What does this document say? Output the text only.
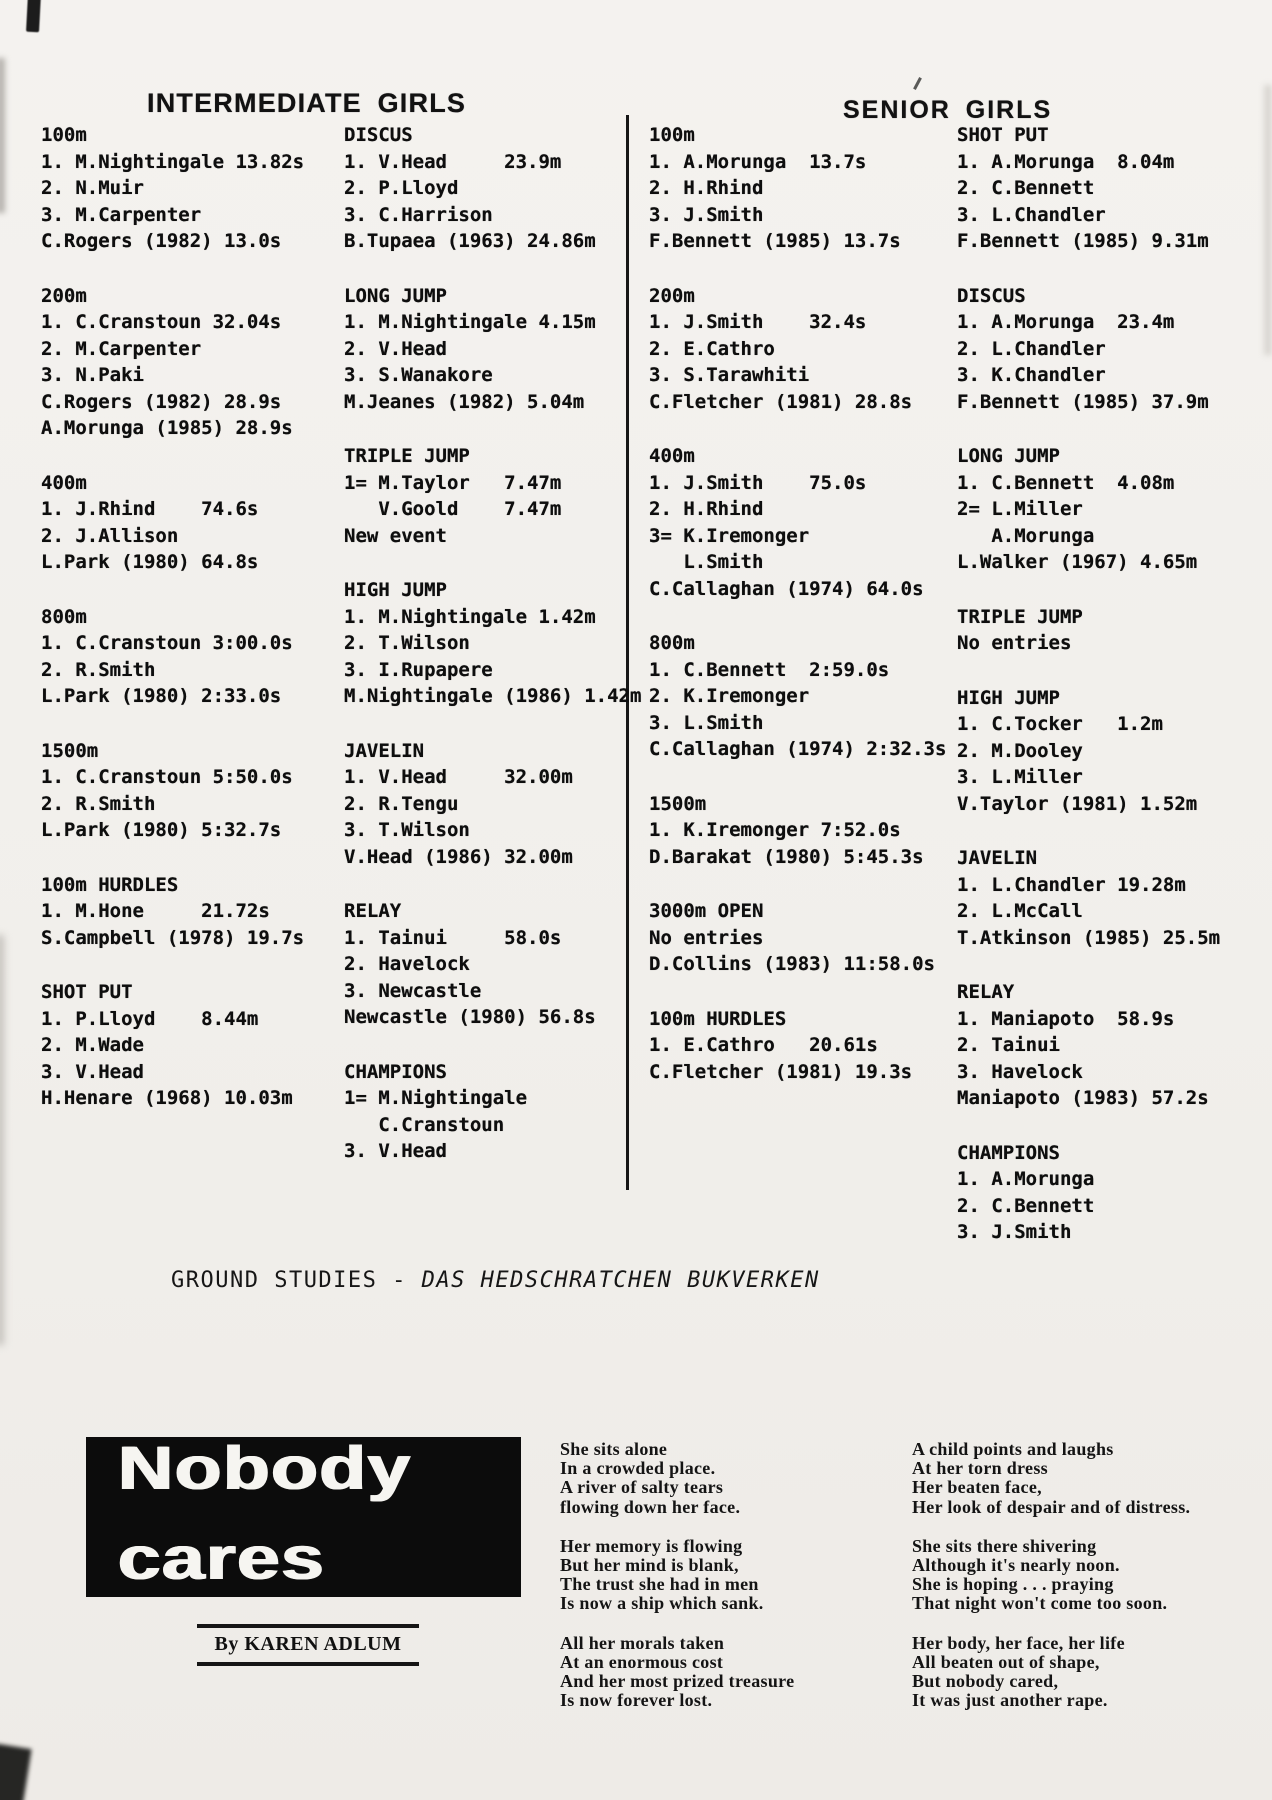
INTERMEDIATE GIRLS	SENIOR GIRLS
100m
1. M.Nightingale 13.82s
2. N.Muir
3. M.Carpenter
C.Rogers (1982) 13.0s
200m
1. C.Cranstoun 32.04s
2. M.Carpenter
3. N.Paki
C.Rogers (1982) 28.9s
A.Morunga (1985) 28.9s
400m
1. J.Rhind    74.6s
2. J.Allison
L.Park (1980) 64.8s
800m
1. C.Cranstoun 3:00.0s
2. R.Smith
L.Park (1980) 2:33.0s
1500m
1. C.Cranstoun 5:50.0s
2. R.Smith
L.Park (1980) 5:32.7s
100m HURDLES
1. M.Hone     21.72s
S.Campbell (1978) 19.7s
SHOT PUT
1. P.Lloyd    8.44m
2. M.Wade
3. V.Head
H.Henare (1968) 10.03m
DISCUS
1. V.Head     23.9m
2. P.Lloyd
3. C.Harrison
B.Tupaea (1963) 24.86m
LONG JUMP
1. M.Nightingale 4.15m
2. V.Head
3. S.Wanakore
M.Jeanes (1982) 5.04m
TRIPLE JUMP
1= M.Taylor   7.47m
V.Goold    7.47m
New event
HIGH JUMP
1. M.Nightingale 1.42m
2. T.Wilson
3. I.Rupapere
M.Nightingale (1986) 1.42m
JAVELIN
1. V.Head     32.00m
2. R.Tengu
3. T.Wilson
V.Head (1986) 32.00m
RELAY
1. Tainui     58.0s
2. Havelock
3. Newcastle
Newcastle (1980) 56.8s
CHAMPIONS
1= M.Nightingale
C.Cranstoun
3. V.Head
100m
1. A.Morunga  13.7s
2. H.Rhind
3. J.Smith
F.Bennett (1985) 13.7s
200m
1. J.Smith    32.4s
2. E.Cathro
3. S.Tarawhiti
C.Fletcher (1981) 28.8s
400m
1. J.Smith    75.0s
2. H.Rhind
3= K.Iremonger
L.Smith
C.Callaghan (1974) 64.0s
800m
1. C.Bennett  2:59.0s
2. K.Iremonger
3. L.Smith
C.Callaghan (1974) 2:32.3s
1500m
1. K.Iremonger 7:52.0s
D.Barakat (1980) 5:45.3s
3000m OPEN
No entries
D.Collins (1983) 11:58.0s
100m HURDLES
1. E.Cathro   20.61s
C.Fletcher (1981) 19.3s
SHOT PUT
1. A.Morunga  8.04m
2. C.Bennett
3. L.Chandler
F.Bennett (1985) 9.31m
DISCUS
1. A.Morunga  23.4m
2. L.Chandler
3. K.Chandler
F.Bennett (1985) 37.9m
LONG JUMP
1. C.Bennett  4.08m
2= L.Miller
A.Morunga
L.Walker (1967) 4.65m
TRIPLE JUMP
No entries
HIGH JUMP
1. C.Tocker   1.2m
2. M.Dooley
3. L.Miller
V.Taylor (1981) 1.52m
JAVELIN
1. L.Chandler 19.28m
2. L.McCall
T.Atkinson (1985) 25.5m
RELAY
1. Maniapoto  58.9s
2. Tainui
3. Havelock
Maniapoto (1983) 57.2s
CHAMPIONS
1. A.Morunga
2. C.Bennett
3. J.Smith

GROUND STUDIES - DAS HEDSCHRATCHEN BUKVERKEN

Nobody
cares
By KAREN ADLUM
She sits alone
In a crowded place.
A river of salty tears
flowing down her face.
Her memory is flowing
But her mind is blank,
The trust she had in men
Is now a ship which sank.
All her morals taken
At an enormous cost
And her most prized treasure
Is now forever lost.
A child points and laughs
At her torn dress
Her beaten face,
Her look of despair and of distress.
She sits there shivering
Although it's nearly noon.
She is hoping . . . praying
That night won't come too soon.
Her body, her face, her life
All beaten out of shape,
But nobody cared,
It was just another rape.
